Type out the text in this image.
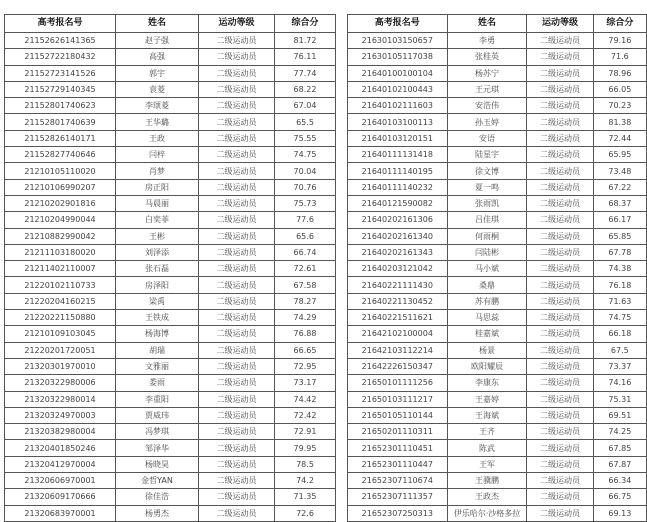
高考报名号	姓名	运动等级	综合分
21152626141365	赵子强	二级运动员	81.72
21152722180432	高强	二级运动员	76.11
21152723141526	郭宇	二级运动员	77.74
21152729140345	袁菱	二级运动员	68.22
21152801740623	李颂菱	二级运动员	67.04
21152801740639	王华璐	二级运动员	65.5
21152826140171	王政	二级运动员	75.55
21152827740646	闫梓	二级运动员	74.75
21210105110020	肖梦	二级运动员	70.04
21210106990207	房正阳	二级运动员	70.76
21210202901816	马晨丽	二级运动员	75.73
21210204990044	白奕菲	二级运动员	77.6
21210882990042	王彬	二级运动员	65.6
21211103180020	刘泽添	二级运动员	66.74
21211402110007	张石磊	二级运动员	72.61
21220102110733	房泽阳	二级运动员	67.58
21220204160215	梁禹	二级运动员	78.27
21220221150880	王铁成	二级运动员	74.29
21210109103045	杨海博	二级运动员	76.88
21220201720051	胡瑞	二级运动员	66.65
21320301970010	文雅丽	二级运动员	72.95
21320322980006	娄雨	二级运动员	73.17
21320322980014	李重阳	二级运动员	74.42
21320324970003	贾威玮	二级运动员	72.42
21320382980004	冯梦琪	二级运动员	72.91
21320401850246	邹泽华	二级运动员	79.95
21320412970004	杨晓昊	二级运动员	78.5
21320606970001	金哲YAN	二级运动员	74.2
21320609170666	徐佳浩	二级运动员	71.35
21320683970001	杨勇杰	二级运动员	72.6
高考报名号	姓名	运动等级	综合分
21630103150657	李勇	二级运动员	79.16
21630105117038	张桂英	二级运动员	71.6
21640100100104	杨苏宁	二级运动员	78.96
21640102100443	王元琪	二级运动员	66.05
21640102111603	安浩伟	二级运动员	70.23
21640103100113	孙玉婷	二级运动员	81.38
21640103120151	安语	二级运动员	72.44
21640111131418	陆星宇	二级运动员	65.95
21640111140195	徐文博	二级运动员	73.48
21640111140232	夏一鸣	二级运动员	67.22
21640121590082	张雨凯	二级运动员	68.37
21640202161306	吕佳琪	二级运动员	66.17
21640202161340	何雨桐	二级运动员	65.85
21640202161343	闫陆彬	二级运动员	67.78
21640203121042	马小斌	二级运动员	74.38
21640221111430	桑鼎	二级运动员	76.18
21640221130452	苏有鹏	二级运动员	71.63
21640221511621	马思蕊	二级运动员	74.75
21642102100004	桂嘉斌	二级运动员	66.18
21642103112214	杨景	二级运动员	67.5
21642226150347	欧阳耀辰	二级运动员	73.37
21650101111256	李康东	二级运动员	74.16
21650103111217	王嘉婷	二级运动员	75.31
21650105110144	王海斌	二级运动员	69.51
21650201110311	王齐	二级运动员	74.25
21652301110451	陈武	二级运动员	67.85
21652301110447	王军	二级运动员	67.87
21652307110674	王骥鹏	二级运动员	66.34
21652307111357	王政杰	二级运动员	66.75
21652307250313	伊乐哈尔·沙格多拉	二级运动员	69.13
